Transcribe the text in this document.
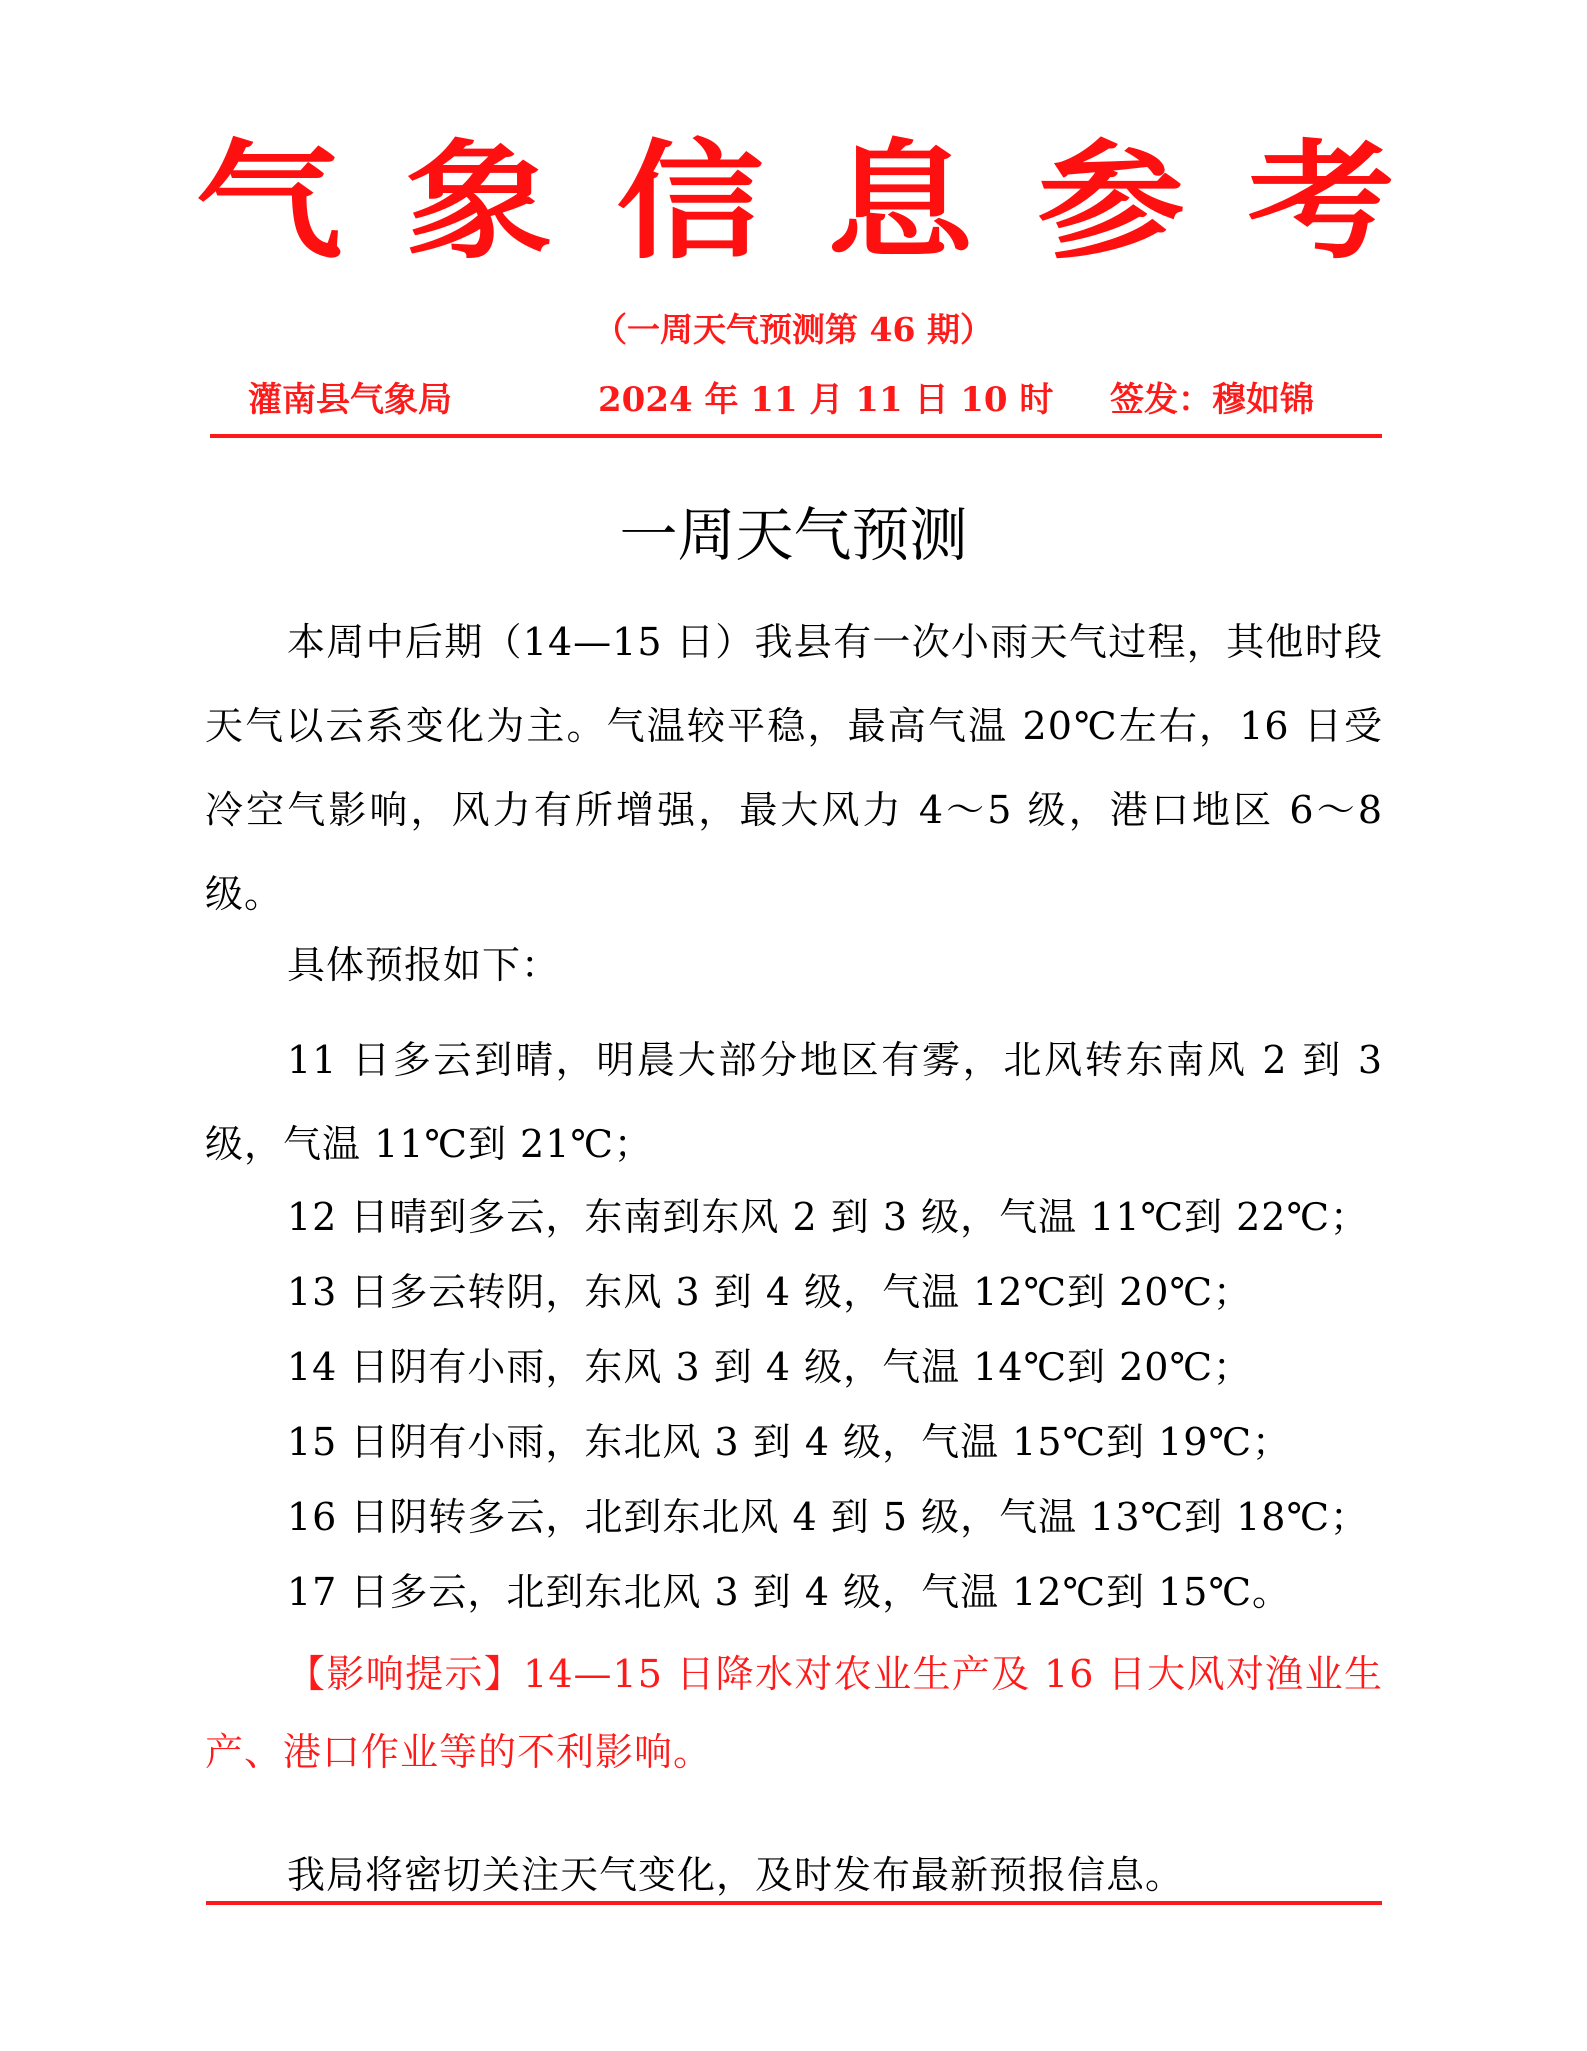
气 象 信 息 参 考
（一周天气预测第 46 期）
灌南县气象局	2024 年 11 月 11 日 10 时 签发：穆如锦
一周天气预测
本周中后期（14—15 日）我县有一次小雨天气过程，其他时段天气以云系变化为主。气温较平稳，最高气温 20℃左右，16 日受冷空气影响，风力有所增强，最大风力 4～5 级，港口地区 6～8 级。
具体预报如下：
11 日多云到晴，明晨大部分地区有雾，北风转东南风 2 到 3 级，气温 11℃到 21℃；
12 日晴到多云，东南到东风 2 到 3 级，气温 11℃到 22℃；
13 日多云转阴，东风 3 到 4 级，气温 12℃到 20℃；
14 日阴有小雨，东风 3 到 4 级，气温 14℃到 20℃；
15 日阴有小雨，东北风 3 到 4 级，气温 15℃到 19℃；
16 日阴转多云，北到东北风 4 到 5 级，气温 13℃到 18℃；
17 日多云，北到东北风 3 到 4 级，气温 12℃到 15℃。
【影响提示】14—15 日降水对农业生产及 16 日大风对渔业生产、港口作业等的不利影响。
我局将密切关注天气变化，及时发布最新预报信息。
